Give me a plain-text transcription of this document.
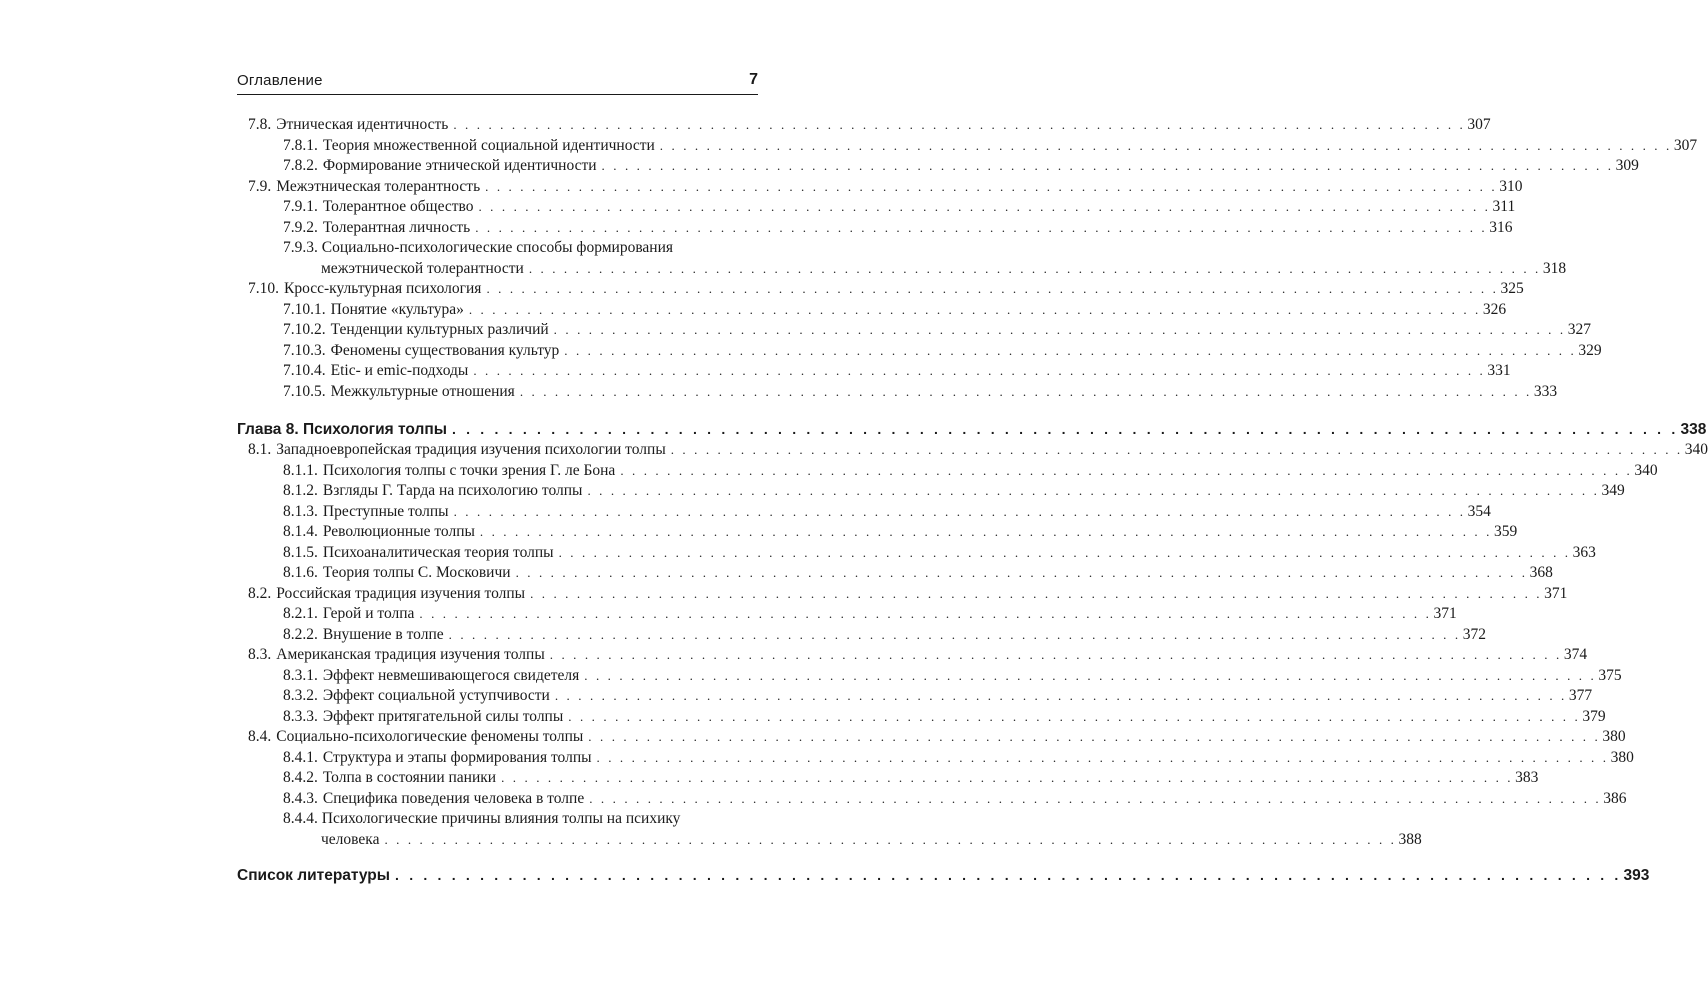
Оглавление	7
7.8. Этническая идентичность . . . . . . . . . . . . . . . . . . . . . . . . . . . . . . . . . . . . . . . . . . . . . . . . . . . . . . . . . . . . . . . . . . . . . . . . . . . . . . . . . . . . . . . 307
7.8.1. Теория множественной социальной идентичности . . . . . . . . . . . . . . . . . . . . . . . . . . . . . . . . . . . . . . . . . . . . . . . . . . . . . . . . . . . . . . . . . . . . . . . . . . . . . . . . . . . . . . . 307
7.8.2. Формирование этнической идентичности . . . . . . . . . . . . . . . . . . . . . . . . . . . . . . . . . . . . . . . . . . . . . . . . . . . . . . . . . . . . . . . . . . . . . . . . . . . . . . . . . . . . . . . 309
7.9. Межэтническая толерантность . . . . . . . . . . . . . . . . . . . . . . . . . . . . . . . . . . . . . . . . . . . . . . . . . . . . . . . . . . . . . . . . . . . . . . . . . . . . . . . . . . . . . . . 310
7.9.1. Толерантное общество . . . . . . . . . . . . . . . . . . . . . . . . . . . . . . . . . . . . . . . . . . . . . . . . . . . . . . . . . . . . . . . . . . . . . . . . . . . . . . . . . . . . . . . 311
7.9.2. Толерантная личность . . . . . . . . . . . . . . . . . . . . . . . . . . . . . . . . . . . . . . . . . . . . . . . . . . . . . . . . . . . . . . . . . . . . . . . . . . . . . . . . . . . . . . . 316
7.9.3. Социально-психологические способы формирования
межэтнической толерантности . . . . . . . . . . . . . . . . . . . . . . . . . . . . . . . . . . . . . . . . . . . . . . . . . . . . . . . . . . . . . . . . . . . . . . . . . . . . . . . . . . . . . . . 318
7.10. Кросс-культурная психология . . . . . . . . . . . . . . . . . . . . . . . . . . . . . . . . . . . . . . . . . . . . . . . . . . . . . . . . . . . . . . . . . . . . . . . . . . . . . . . . . . . . . . . 325
7.10.1. Понятие «культура» . . . . . . . . . . . . . . . . . . . . . . . . . . . . . . . . . . . . . . . . . . . . . . . . . . . . . . . . . . . . . . . . . . . . . . . . . . . . . . . . . . . . . . . 326
7.10.2. Тенденции культурных различий . . . . . . . . . . . . . . . . . . . . . . . . . . . . . . . . . . . . . . . . . . . . . . . . . . . . . . . . . . . . . . . . . . . . . . . . . . . . . . . . . . . . . . . 327
7.10.3. Феномены существования культур . . . . . . . . . . . . . . . . . . . . . . . . . . . . . . . . . . . . . . . . . . . . . . . . . . . . . . . . . . . . . . . . . . . . . . . . . . . . . . . . . . . . . . . 329
7.10.4. Etic- и emic-подходы . . . . . . . . . . . . . . . . . . . . . . . . . . . . . . . . . . . . . . . . . . . . . . . . . . . . . . . . . . . . . . . . . . . . . . . . . . . . . . . . . . . . . . . 331
7.10.5. Межкультурные отношения . . . . . . . . . . . . . . . . . . . . . . . . . . . . . . . . . . . . . . . . . . . . . . . . . . . . . . . . . . . . . . . . . . . . . . . . . . . . . . . . . . . . . . . 333
Глава 8. Психология толпы . . . . . . . . . . . . . . . . . . . . . . . . . . . . . . . . . . . . . . . . . . . . . . . . . . . . . . . . . . . . . . . . . . . . . . . . . . . . . . . . . . . . . . . 338
8.1. Западноевропейская традиция изучения психологии толпы . . . . . . . . . . . . . . . . . . . . . . . . . . . . . . . . . . . . . . . . . . . . . . . . . . . . . . . . . . . . . . . . . . . . . . . . . . . . . . . . . . . . . . . 340
8.1.1. Психология толпы с точки зрения Г. ле Бона . . . . . . . . . . . . . . . . . . . . . . . . . . . . . . . . . . . . . . . . . . . . . . . . . . . . . . . . . . . . . . . . . . . . . . . . . . . . . . . . . . . . . . . 340
8.1.2. Взгляды Г. Тарда на психологию толпы . . . . . . . . . . . . . . . . . . . . . . . . . . . . . . . . . . . . . . . . . . . . . . . . . . . . . . . . . . . . . . . . . . . . . . . . . . . . . . . . . . . . . . . 349
8.1.3. Преступные толпы . . . . . . . . . . . . . . . . . . . . . . . . . . . . . . . . . . . . . . . . . . . . . . . . . . . . . . . . . . . . . . . . . . . . . . . . . . . . . . . . . . . . . . . 354
8.1.4. Революционные толпы . . . . . . . . . . . . . . . . . . . . . . . . . . . . . . . . . . . . . . . . . . . . . . . . . . . . . . . . . . . . . . . . . . . . . . . . . . . . . . . . . . . . . . . 359
8.1.5. Психоаналитическая теория толпы . . . . . . . . . . . . . . . . . . . . . . . . . . . . . . . . . . . . . . . . . . . . . . . . . . . . . . . . . . . . . . . . . . . . . . . . . . . . . . . . . . . . . . . 363
8.1.6. Теория толпы С. Московичи . . . . . . . . . . . . . . . . . . . . . . . . . . . . . . . . . . . . . . . . . . . . . . . . . . . . . . . . . . . . . . . . . . . . . . . . . . . . . . . . . . . . . . . 368
8.2. Российская традиция изучения толпы . . . . . . . . . . . . . . . . . . . . . . . . . . . . . . . . . . . . . . . . . . . . . . . . . . . . . . . . . . . . . . . . . . . . . . . . . . . . . . . . . . . . . . . 371
8.2.1. Герой и толпа . . . . . . . . . . . . . . . . . . . . . . . . . . . . . . . . . . . . . . . . . . . . . . . . . . . . . . . . . . . . . . . . . . . . . . . . . . . . . . . . . . . . . . . 371
8.2.2. Внушение в толпе . . . . . . . . . . . . . . . . . . . . . . . . . . . . . . . . . . . . . . . . . . . . . . . . . . . . . . . . . . . . . . . . . . . . . . . . . . . . . . . . . . . . . . . 372
8.3. Американская традиция изучения толпы . . . . . . . . . . . . . . . . . . . . . . . . . . . . . . . . . . . . . . . . . . . . . . . . . . . . . . . . . . . . . . . . . . . . . . . . . . . . . . . . . . . . . . . 374
8.3.1. Эффект невмешивающегося свидетеля . . . . . . . . . . . . . . . . . . . . . . . . . . . . . . . . . . . . . . . . . . . . . . . . . . . . . . . . . . . . . . . . . . . . . . . . . . . . . . . . . . . . . . . 375
8.3.2. Эффект социальной уступчивости . . . . . . . . . . . . . . . . . . . . . . . . . . . . . . . . . . . . . . . . . . . . . . . . . . . . . . . . . . . . . . . . . . . . . . . . . . . . . . . . . . . . . . . 377
8.3.3. Эффект притягательной силы толпы . . . . . . . . . . . . . . . . . . . . . . . . . . . . . . . . . . . . . . . . . . . . . . . . . . . . . . . . . . . . . . . . . . . . . . . . . . . . . . . . . . . . . . . 379
8.4. Социально-психологические феномены толпы . . . . . . . . . . . . . . . . . . . . . . . . . . . . . . . . . . . . . . . . . . . . . . . . . . . . . . . . . . . . . . . . . . . . . . . . . . . . . . . . . . . . . . . 380
8.4.1. Структура и этапы формирования толпы . . . . . . . . . . . . . . . . . . . . . . . . . . . . . . . . . . . . . . . . . . . . . . . . . . . . . . . . . . . . . . . . . . . . . . . . . . . . . . . . . . . . . . . 380
8.4.2. Толпа в состоянии паники . . . . . . . . . . . . . . . . . . . . . . . . . . . . . . . . . . . . . . . . . . . . . . . . . . . . . . . . . . . . . . . . . . . . . . . . . . . . . . . . . . . . . . . 383
8.4.3. Специфика поведения человека в толпе . . . . . . . . . . . . . . . . . . . . . . . . . . . . . . . . . . . . . . . . . . . . . . . . . . . . . . . . . . . . . . . . . . . . . . . . . . . . . . . . . . . . . . . 386
8.4.4. Психологические причины влияния толпы на психику
человека . . . . . . . . . . . . . . . . . . . . . . . . . . . . . . . . . . . . . . . . . . . . . . . . . . . . . . . . . . . . . . . . . . . . . . . . . . . . . . . . . . . . . . . 388
Список литературы . . . . . . . . . . . . . . . . . . . . . . . . . . . . . . . . . . . . . . . . . . . . . . . . . . . . . . . . . . . . . . . . . . . . . . . . . . . . . . . . . . . . . . . 393
